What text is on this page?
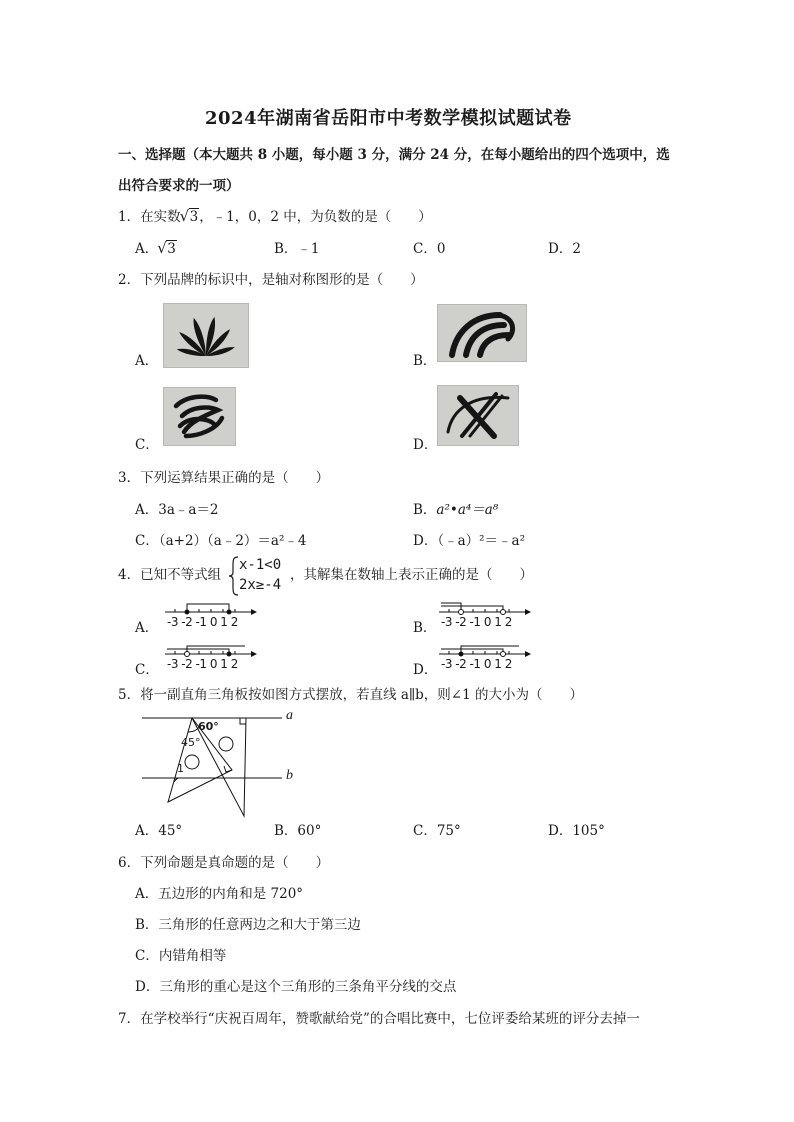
2024年湖南省岳阳市中考数学模拟试题试卷
一、选择题（本大题共 8 小题，每小题 3 分，满分 24 分，在每小题给出的四个选项中，选
出符合要求的一项）
1．在实数 √ 3，﹣1，0，2 中，为负数的是（　　）
A． √ 3	B．﹣1	C．0	D．2
2．下列品牌的标识中，是轴对称图形的是（　　）
A．	B．
C．	D．
3．下列运算结果正确的是（　　）
A．3a﹣a＝2	B．a²•a⁴＝a⁸
C．（a+2）（a﹣2）＝a²﹣4	D．（﹣a）²＝﹣a²
4．已知不等式组
x-1<0
2x≥-4
，其解集在数轴上表示正确的是（　　）
A． -3 -2 -1 0 1 2	B． -3 -2 -1 0 1 2
C． -3 -2 -1 0 1 2	D． -3 -2 -1 0 1 2
5．将一副直角三角板按如图方式摆放，若直线 a∥b，则∠1 的大小为（　　）
a
b
60°
45°
1
A．45°	B．60°	C．75°	D．105°
6．下列命题是真命题的是（　　）
A．五边形的内角和是 720°
B．三角形的任意两边之和大于第三边
C．内错角相等
D．三角形的重心是这个三角形的三条角平分线的交点
7．在学校举行“庆祝百周年，赞歌献给党”的合唱比赛中，七位评委给某班的评分去掉一
